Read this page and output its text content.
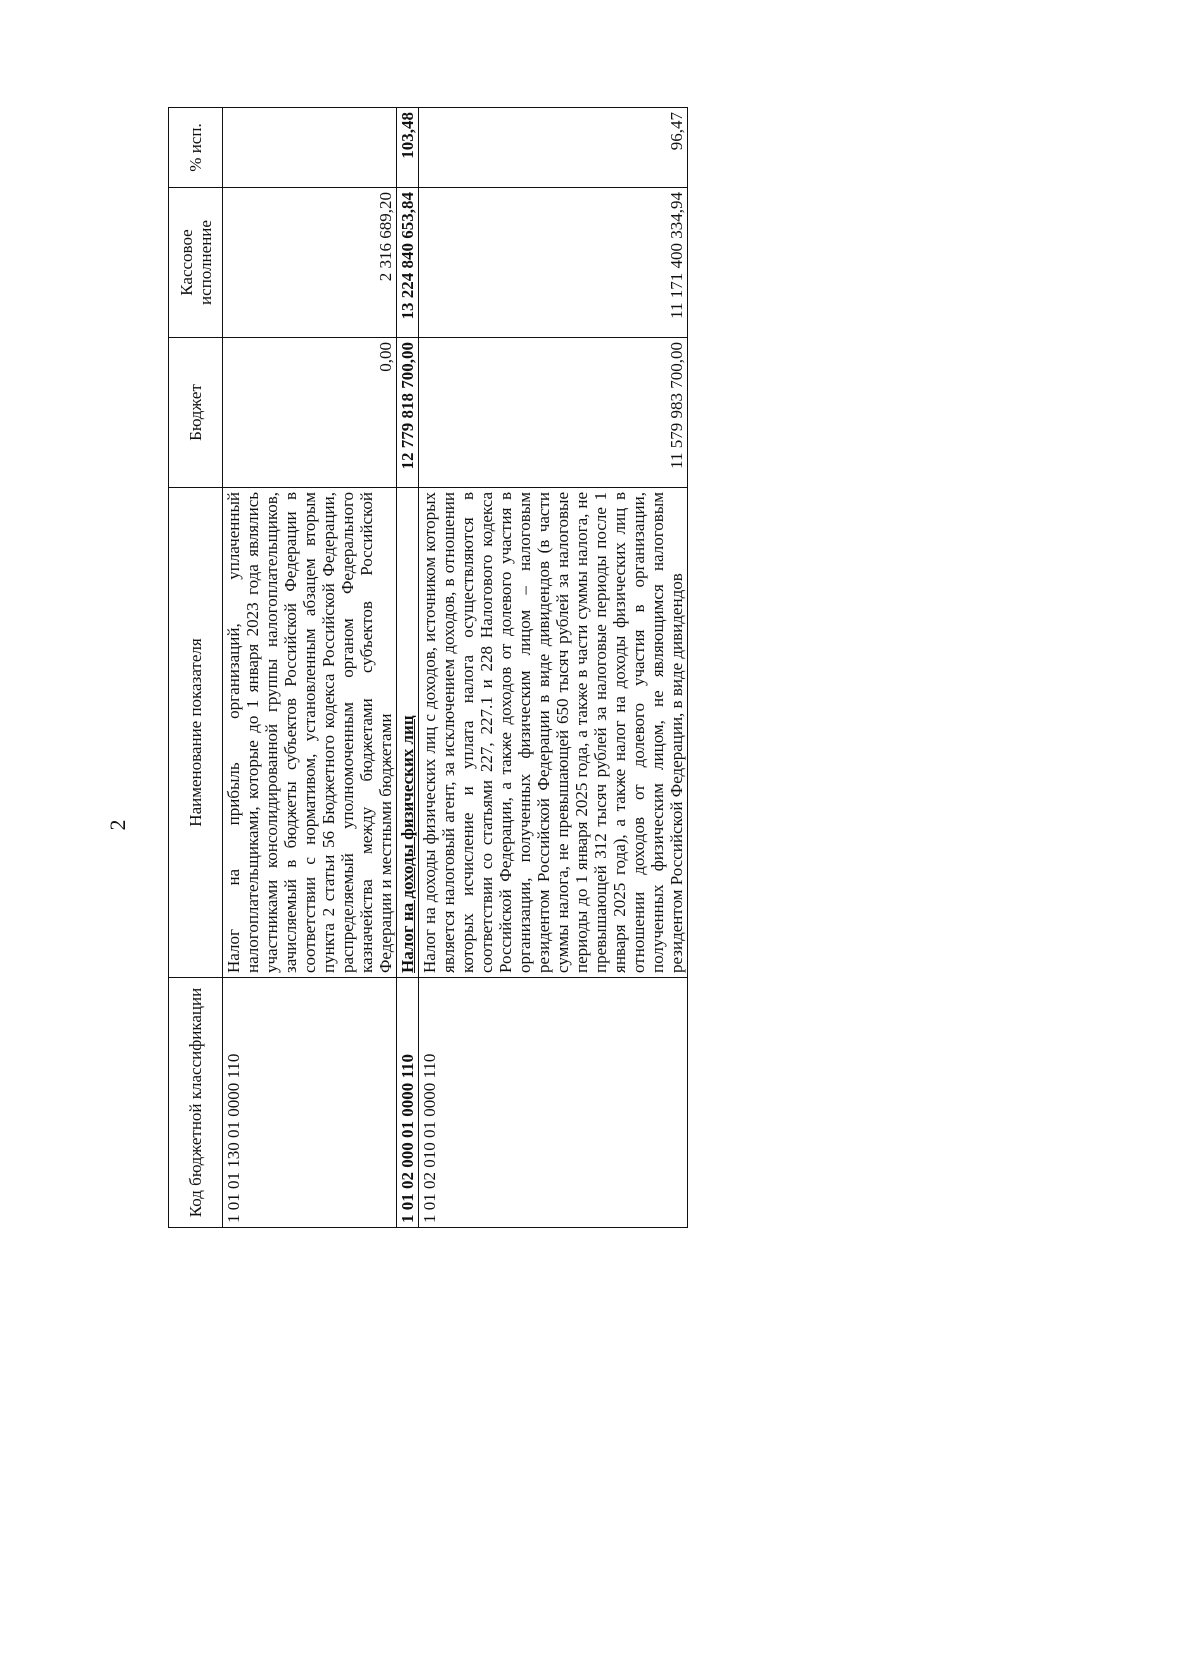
2
Код бюджетной классификации	Наименование показателя	Бюджет	Кассовое исполнение	% исп.
1 01 01 130 01 0000 110	Налог на прибыль организаций, уплаченный налогоплательщиками, которые до 1 января 2023 года являлись участниками консолидированной группы налогоплательщиков, зачисляемый в бюджеты субъектов Российской Федерации в соответствии с нормативом, установленным абзацем вторым пункта 2 статьи 56 Бюджетного кодекса Российской Федерации, распределяемый уполномоченным органом Федерального казначейства между бюджетами субъектов Российской Федерации и местными бюджетами	0,00	2 316 689,20	
1 01 02 000 01 0000 110	Налог на доходы физических лиц	12 779 818 700,00	13 224 840 653,84	103,48
1 01 02 010 01 0000 110	Налог на доходы физических лиц с доходов, источником которых является налоговый агент, за исключением доходов, в отношении которых исчисление и уплата налога осуществляются в соответствии со статьями 227, 227.1 и 228 Налогового кодекса Российской Федерации, а также доходов от долевого участия в организации, полученных физическим лицом – налоговым резидентом Российской Федерации в виде дивидендов (в части суммы налога, не превышающей 650 тысяч рублей за налоговые периоды до 1 января 2025 года, а также в части суммы налога, не превышающей 312 тысяч рублей за налоговые периоды после 1 января 2025 года), а также налог на доходы физических лиц в отношении доходов от долевого участия в организации, полученных физическим лицом, не являющимся налоговым резидентом Российской Федерации, в виде дивидендов	11 579 983 700,00	11 171 400 334,94	96,47
